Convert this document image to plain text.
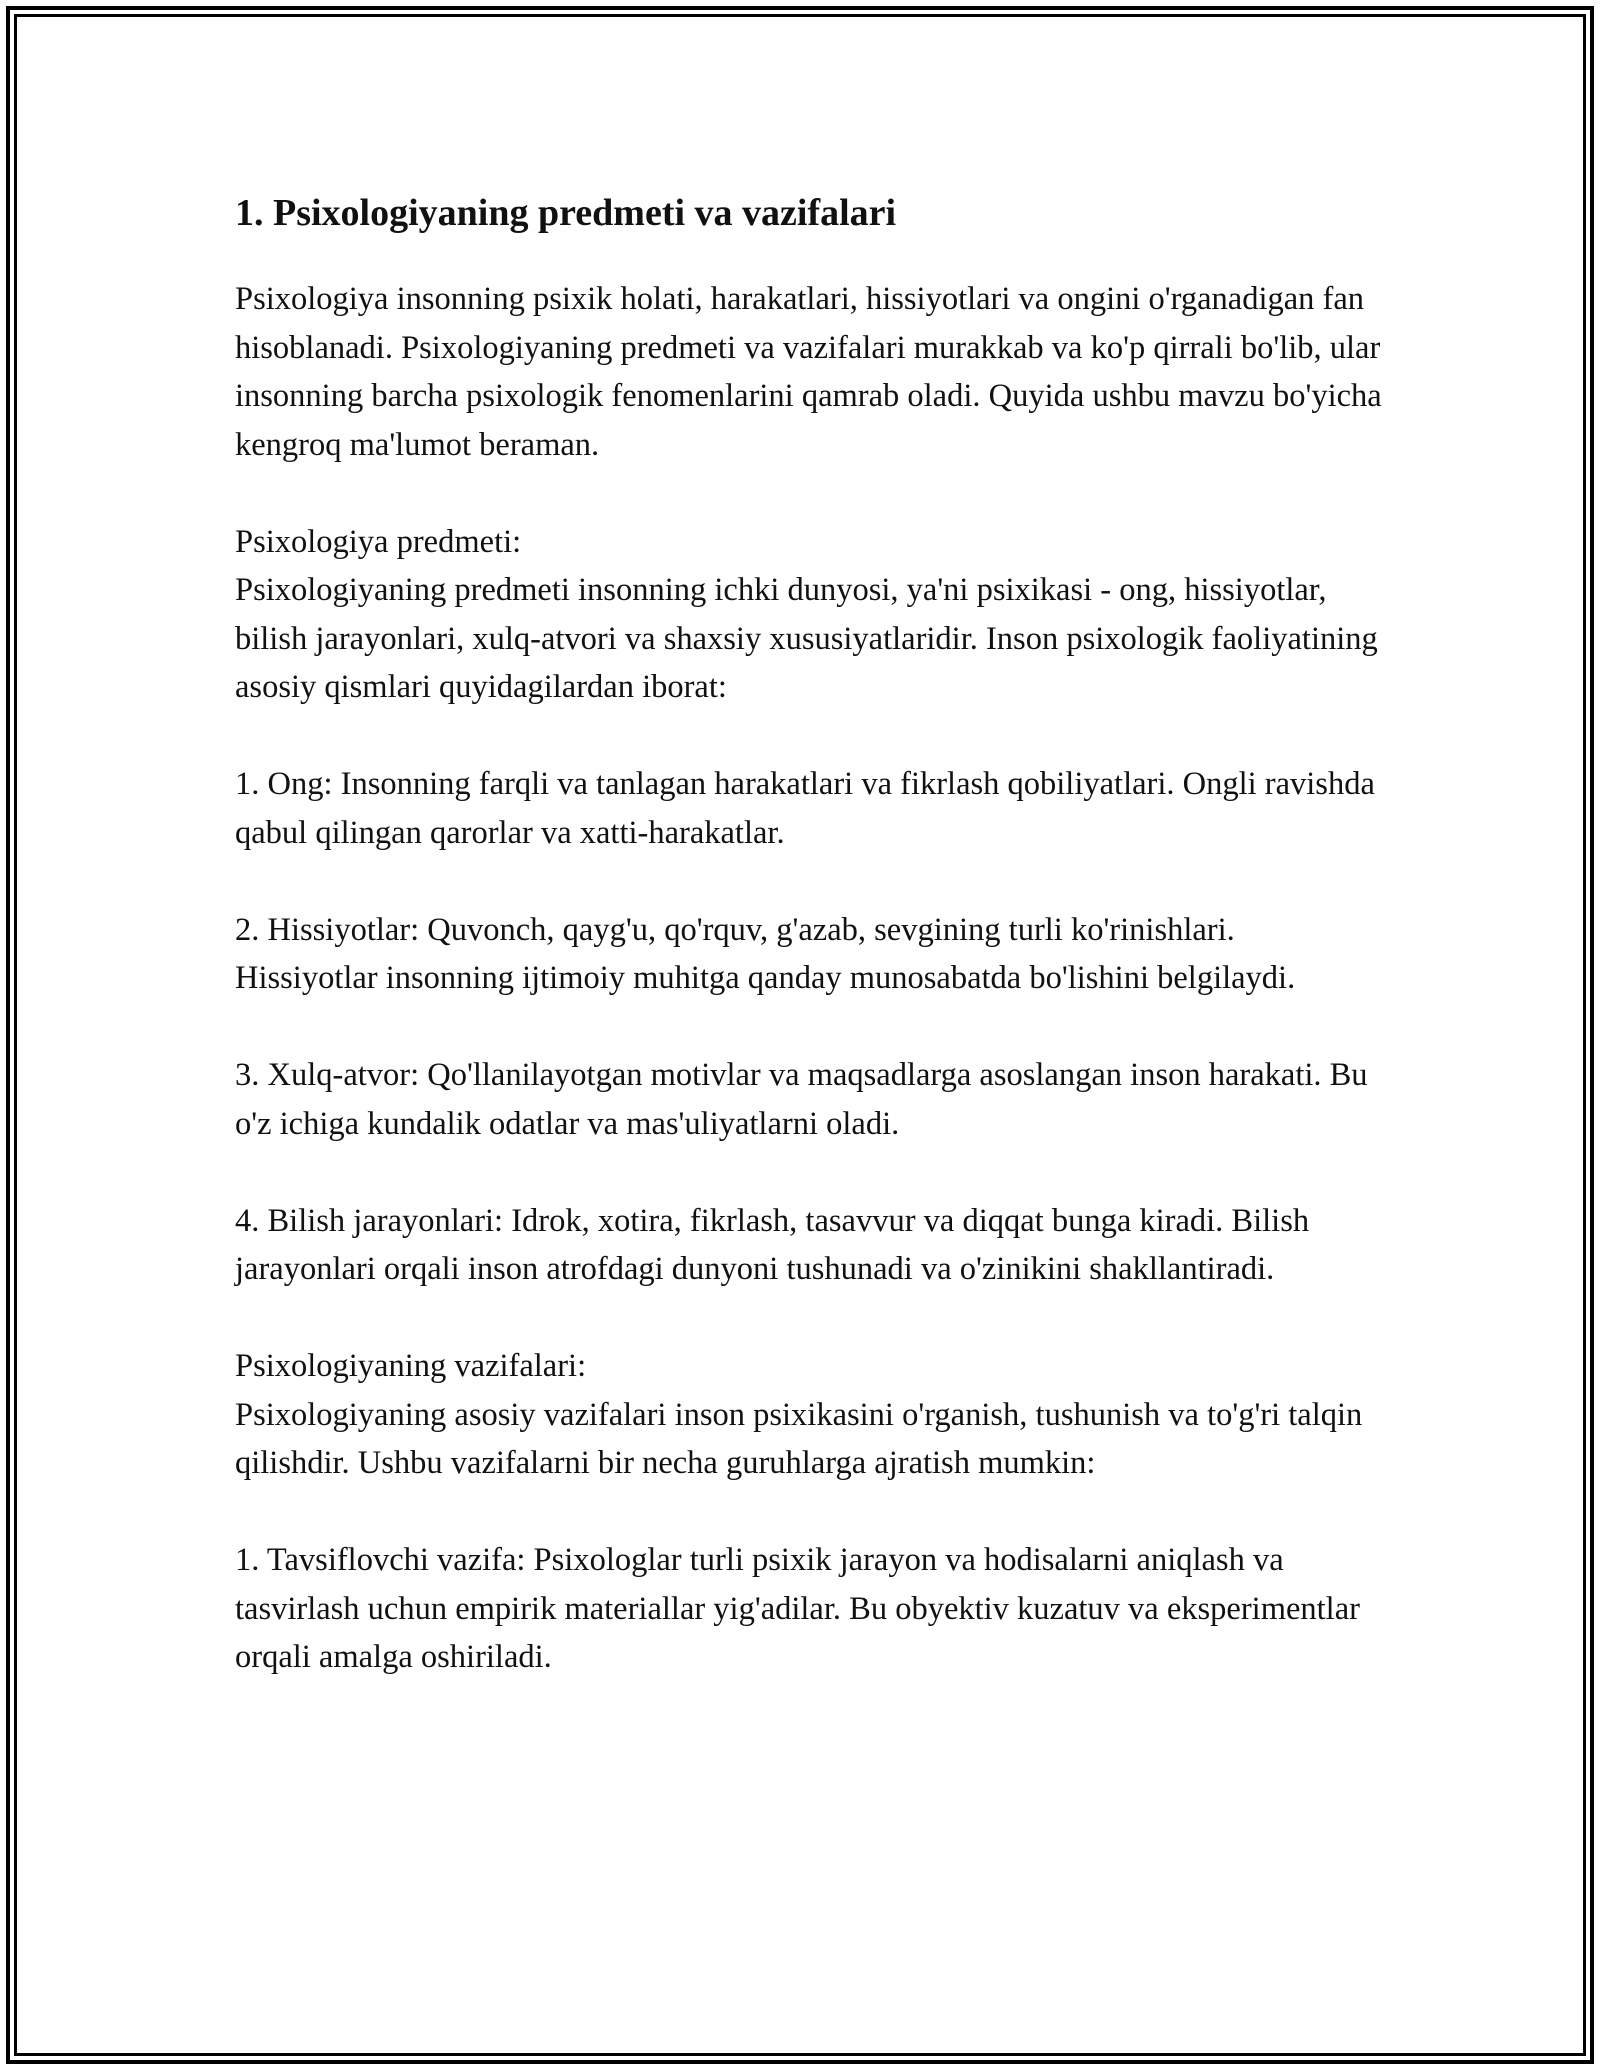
1. Psixologiyaning predmeti va vazifalari

Psixologiya insonning psixik holati, harakatlari, hissiyotlari va ongini o'rganadigan fan hisoblanadi. Psixologiyaning predmeti va vazifalari murakkab va ko'p qirrali bo'lib, ular insonning barcha psixologik fenomenlarini qamrab oladi. Quyida ushbu mavzu bo'yicha kengroq ma'lumot beraman.

Psixologiya predmeti:

Psixologiyaning predmeti insonning ichki dunyosi, ya'ni psixikasi - ong, hissiyotlar, bilish jarayonlari, xulq-atvori va shaxsiy xususiyatlaridir. Inson psixologik faoliyatining asosiy qismlari quyidagilardan iborat:

1. Ong: Insonning farqli va tanlagan harakatlari va fikrlash qobiliyatlari. Ongli ravishda qabul qilingan qarorlar va xatti-harakatlar.

2. Hissiyotlar: Quvonch, qayg'u, qo'rquv, g'azab, sevgining turli ko'rinishlari. Hissiyotlar insonning ijtimoiy muhitga qanday munosabatda bo'lishini belgilaydi.

3. Xulq-atvor: Qo'llanilayotgan motivlar va maqsadlarga asoslangan inson harakati. Bu o'z ichiga kundalik odatlar va mas'uliyatlarni oladi.

4. Bilish jarayonlari: Idrok, xotira, fikrlash, tasavvur va diqqat bunga kiradi. Bilish jarayonlari orqali inson atrofdagi dunyoni tushunadi va o'zinikini shakllantiradi.

Psixologiyaning vazifalari:

Psixologiyaning asosiy vazifalari inson psixikasini o'rganish, tushunish va to'g'ri talqin qilishdir. Ushbu vazifalarni bir necha guruhlarga ajratish mumkin:

1. Tavsiflovchi vazifa: Psixologlar turli psixik jarayon va hodisalarni aniqlash va tasvirlash uchun empirik materiallar yig'adilar. Bu obyektiv kuzatuv va eksperimentlar orqali amalga oshiriladi.
